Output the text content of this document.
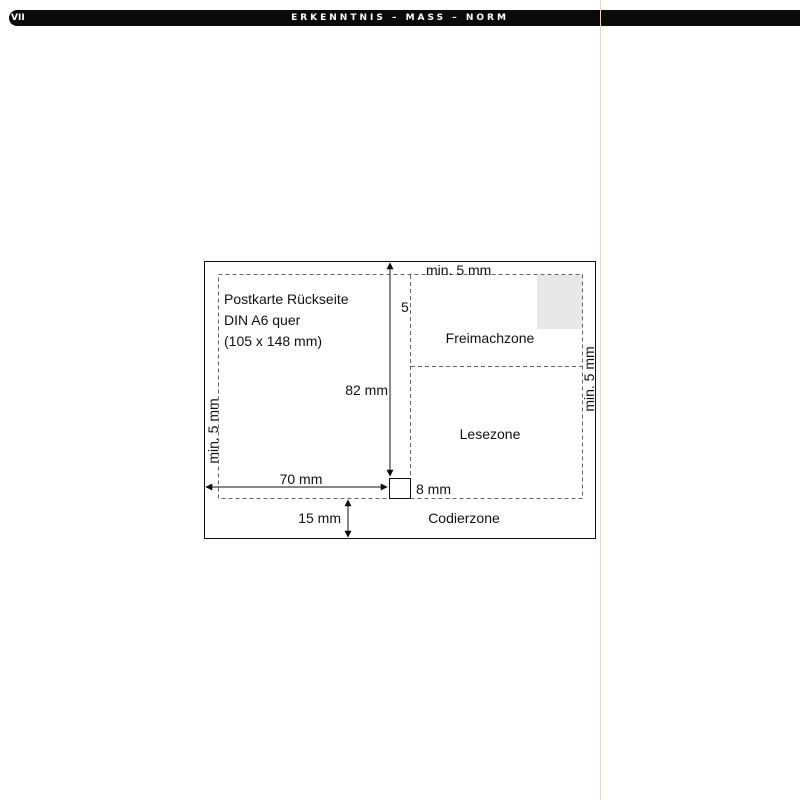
VII	ERKENNTNIS – MASS – NORM
Postkarte Rückseite
DIN A6 quer
(105 x 148 mm)
min. 5 mm
5
Freimachzone
Lesezone
82 mm
70 mm
8 mm
15 mm	Codierzone
min. 5 mm
min. 5 mm
